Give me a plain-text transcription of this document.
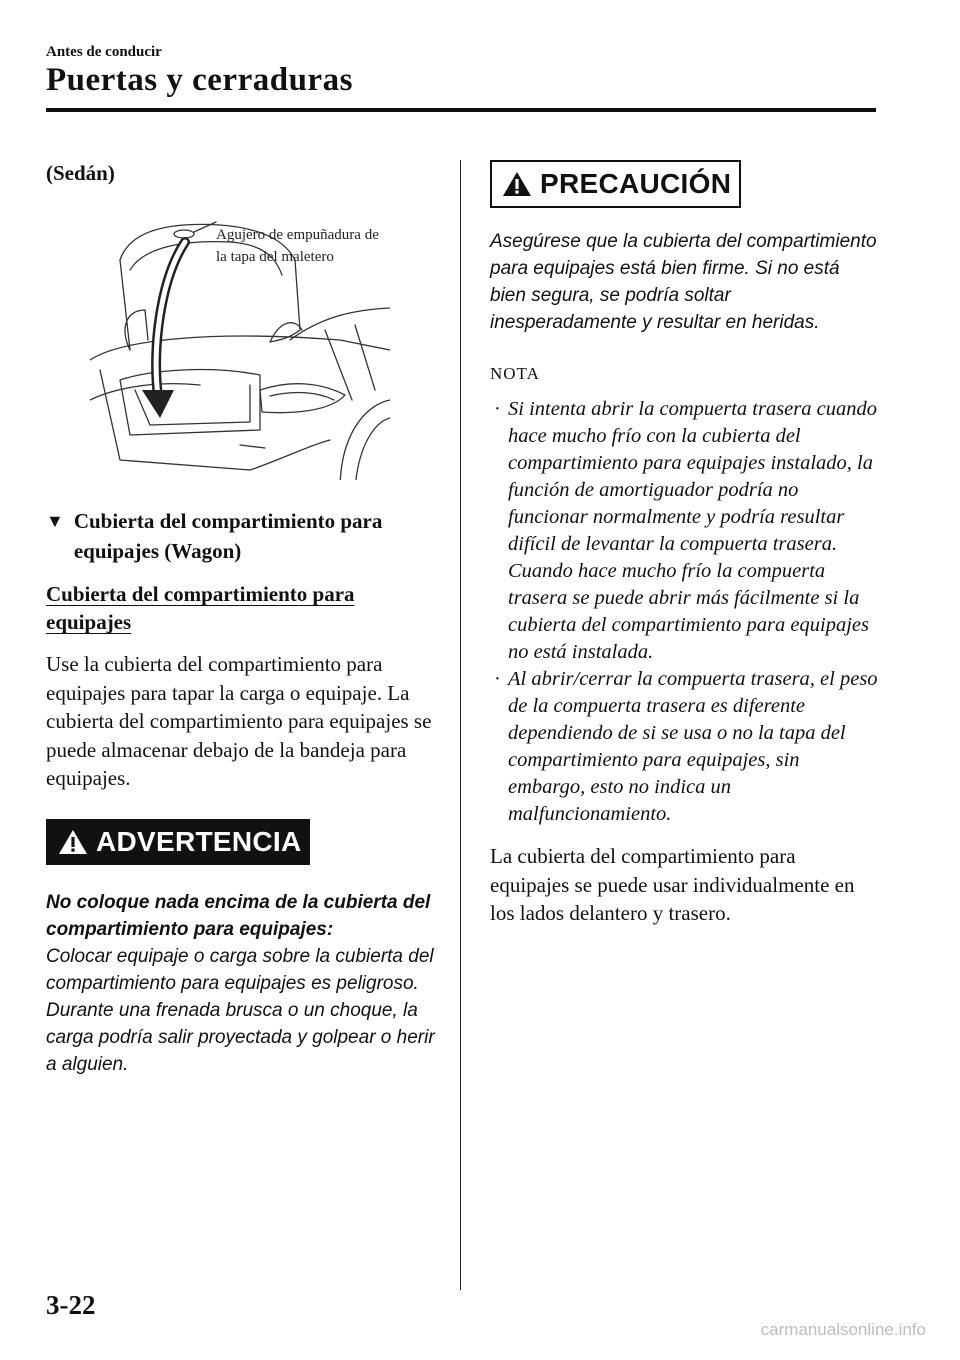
Antes de conducir
Puertas y cerraduras
(Sedán)
Agujero de empuñadura de
la tapa del maletero
▼ Cubierta del compartimiento para equipajes (Wagon)
Cubierta del compartimiento para equipajes

Use la cubierta del compartimiento para equipajes para tapar la carga o equipaje. La cubierta del compartimiento para equipajes se puede almacenar debajo de la bandeja para equipajes.

ADVERTENCIA
No coloque nada encima de la cubierta del compartimiento para equipajes:
Colocar equipaje o carga sobre la cubierta del compartimiento para equipajes es peligroso. Durante una frenada brusca o un choque, la carga podría salir proyectada y golpear o herir a alguien.
PRECAUCIÓN
Asegúrese que la cubierta del compartimiento para equipajes está bien firme. Si no está bien segura, se podría soltar inesperadamente y resultar en heridas.
NOTA
· Si intenta abrir la compuerta trasera cuando hace mucho frío con la cubierta del compartimiento para equipajes instalado, la función de amortiguador podría no funcionar normalmente y podría resultar difícil de levantar la compuerta trasera. Cuando hace mucho frío la compuerta trasera se puede abrir más fácilmente si la cubierta del compartimiento para equipajes no está instalada.
· Al abrir/cerrar la compuerta trasera, el peso de la compuerta trasera es diferente dependiendo de si se usa o no la tapa del compartimiento para equipajes, sin embargo, esto no indica un malfuncionamiento.

La cubierta del compartimiento para equipajes se puede usar individualmente en los lados delantero y trasero.

3-22
carmanualsonline.info
